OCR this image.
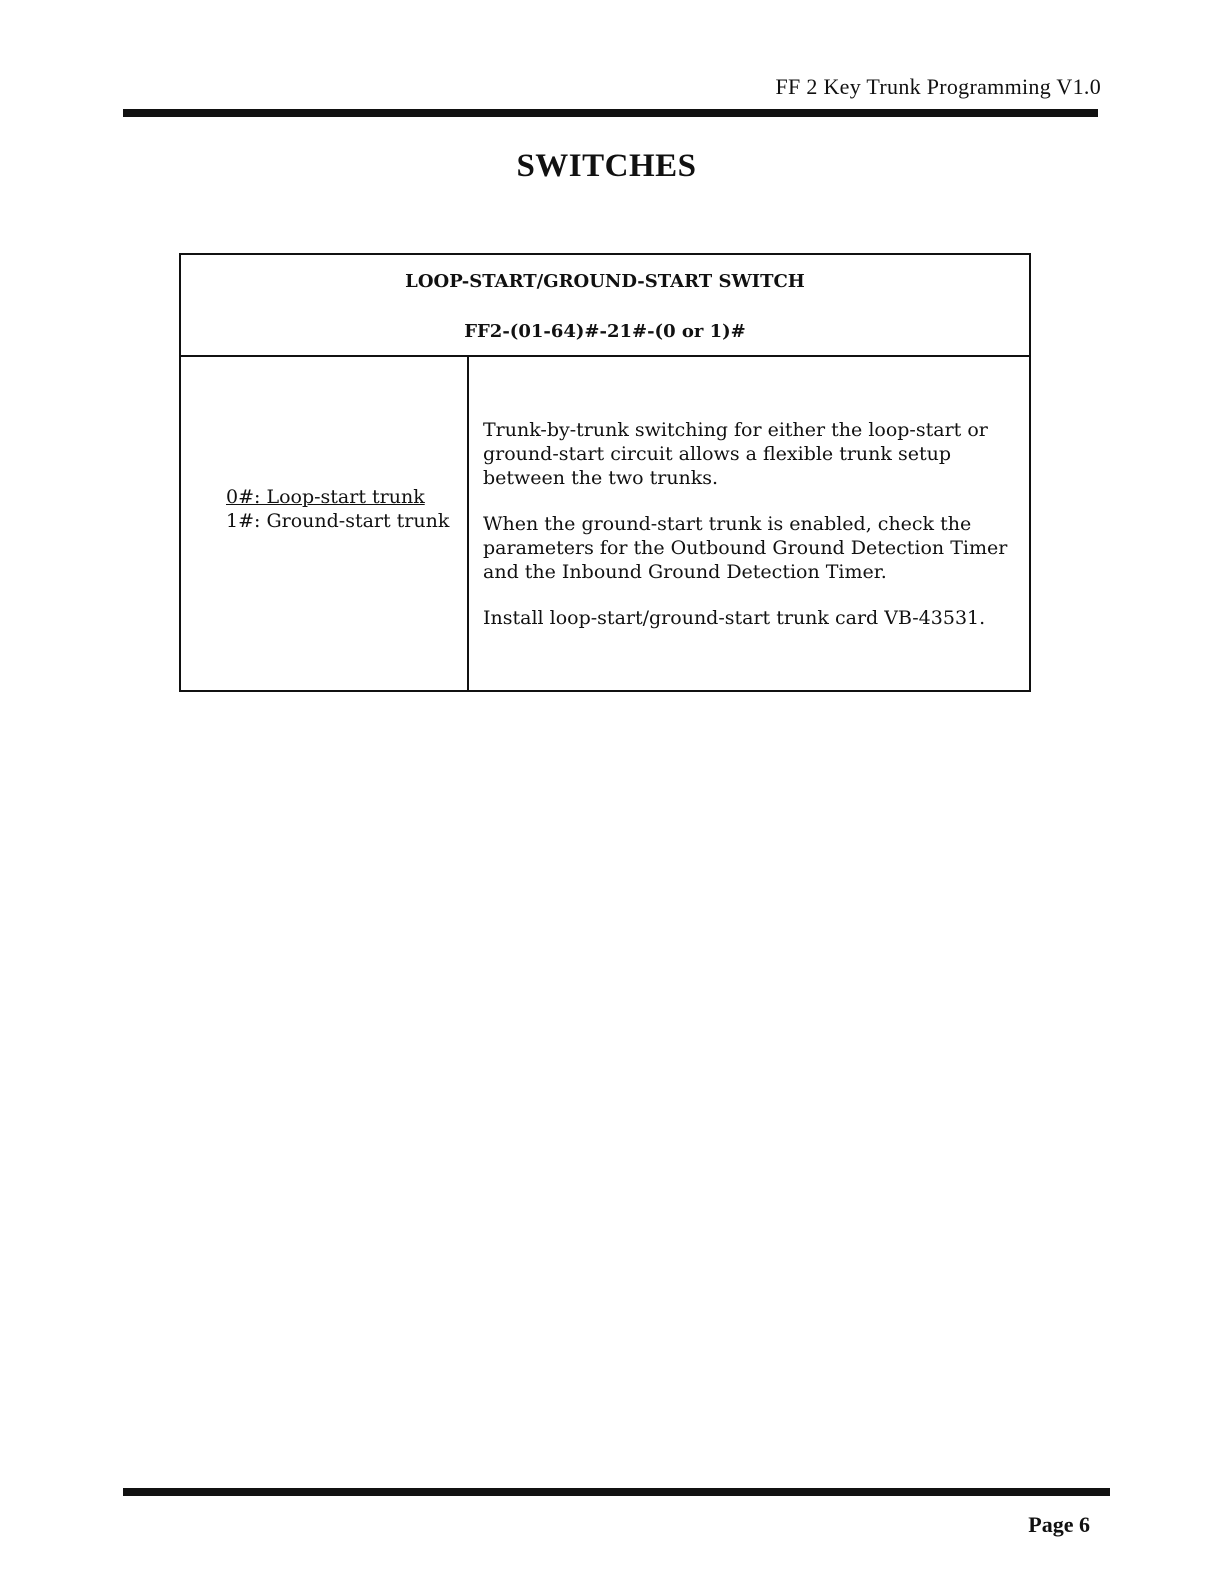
FF 2 Key Trunk Programming V1.0
SWITCHES
LOOP-START/GROUND-START SWITCH
FF2-(01-64)#-21#-(0 or 1)#
0#: Loop-start trunk
1#: Ground-start trunk

Trunk-by-trunk switching for either the loop-start or ground-start circuit allows a flexible trunk setup between the two trunks.

When the ground-start trunk is enabled, check the parameters for the Outbound Ground Detection Timer and the Inbound Ground Detection Timer.

Install loop-start/ground-start trunk card VB-43531.

Page 6
